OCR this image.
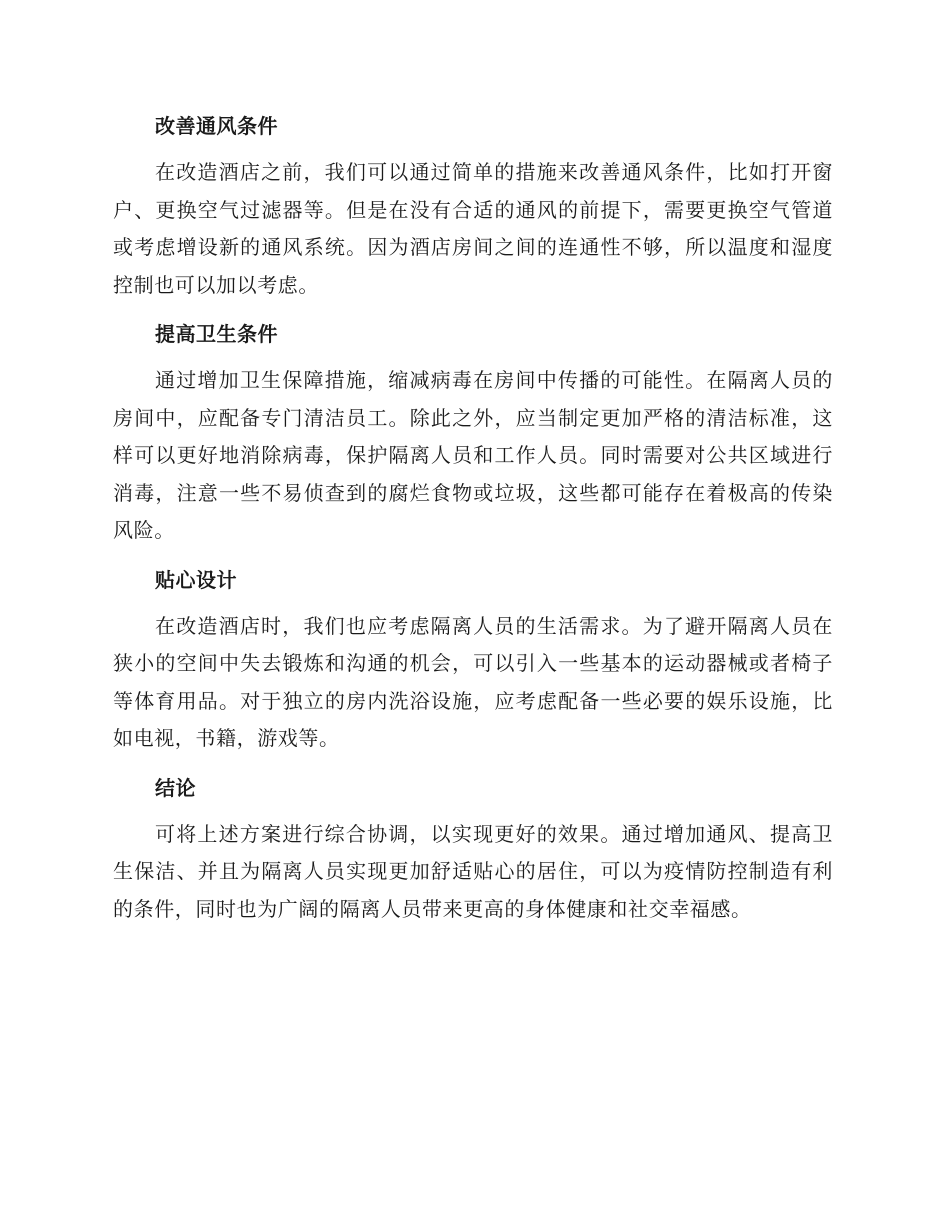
改善通风条件

在改造酒店之前，我们可以通过简单的措施来改善通风条件，比如打开窗户、更换空气过滤器等。但是在没有合适的通风的前提下，需要更换空气管道或考虑增设新的通风系统。因为酒店房间之间的连通性不够，所以温度和湿度控制也可以加以考虑。

提高卫生条件

通过增加卫生保障措施，缩减病毒在房间中传播的可能性。在隔离人员的房间中，应配备专门清洁员工。除此之外，应当制定更加严格的清洁标准，这样可以更好地消除病毒，保护隔离人员和工作人员。同时需要对公共区域进行消毒，注意一些不易侦查到的腐烂食物或垃圾，这些都可能存在着极高的传染风险。

贴心设计

在改造酒店时，我们也应考虑隔离人员的生活需求。为了避开隔离人员在狭小的空间中失去锻炼和沟通的机会，可以引入一些基本的运动器械或者椅子等体育用品。对于独立的房内洗浴设施，应考虑配备一些必要的娱乐设施，比如电视，书籍，游戏等。

结论

可将上述方案进行综合协调，以实现更好的效果。通过增加通风、提高卫生保洁、并且为隔离人员实现更加舒适贴心的居住，可以为疫情防控制造有利的条件，同时也为广阔的隔离人员带来更高的身体健康和社交幸福感。
